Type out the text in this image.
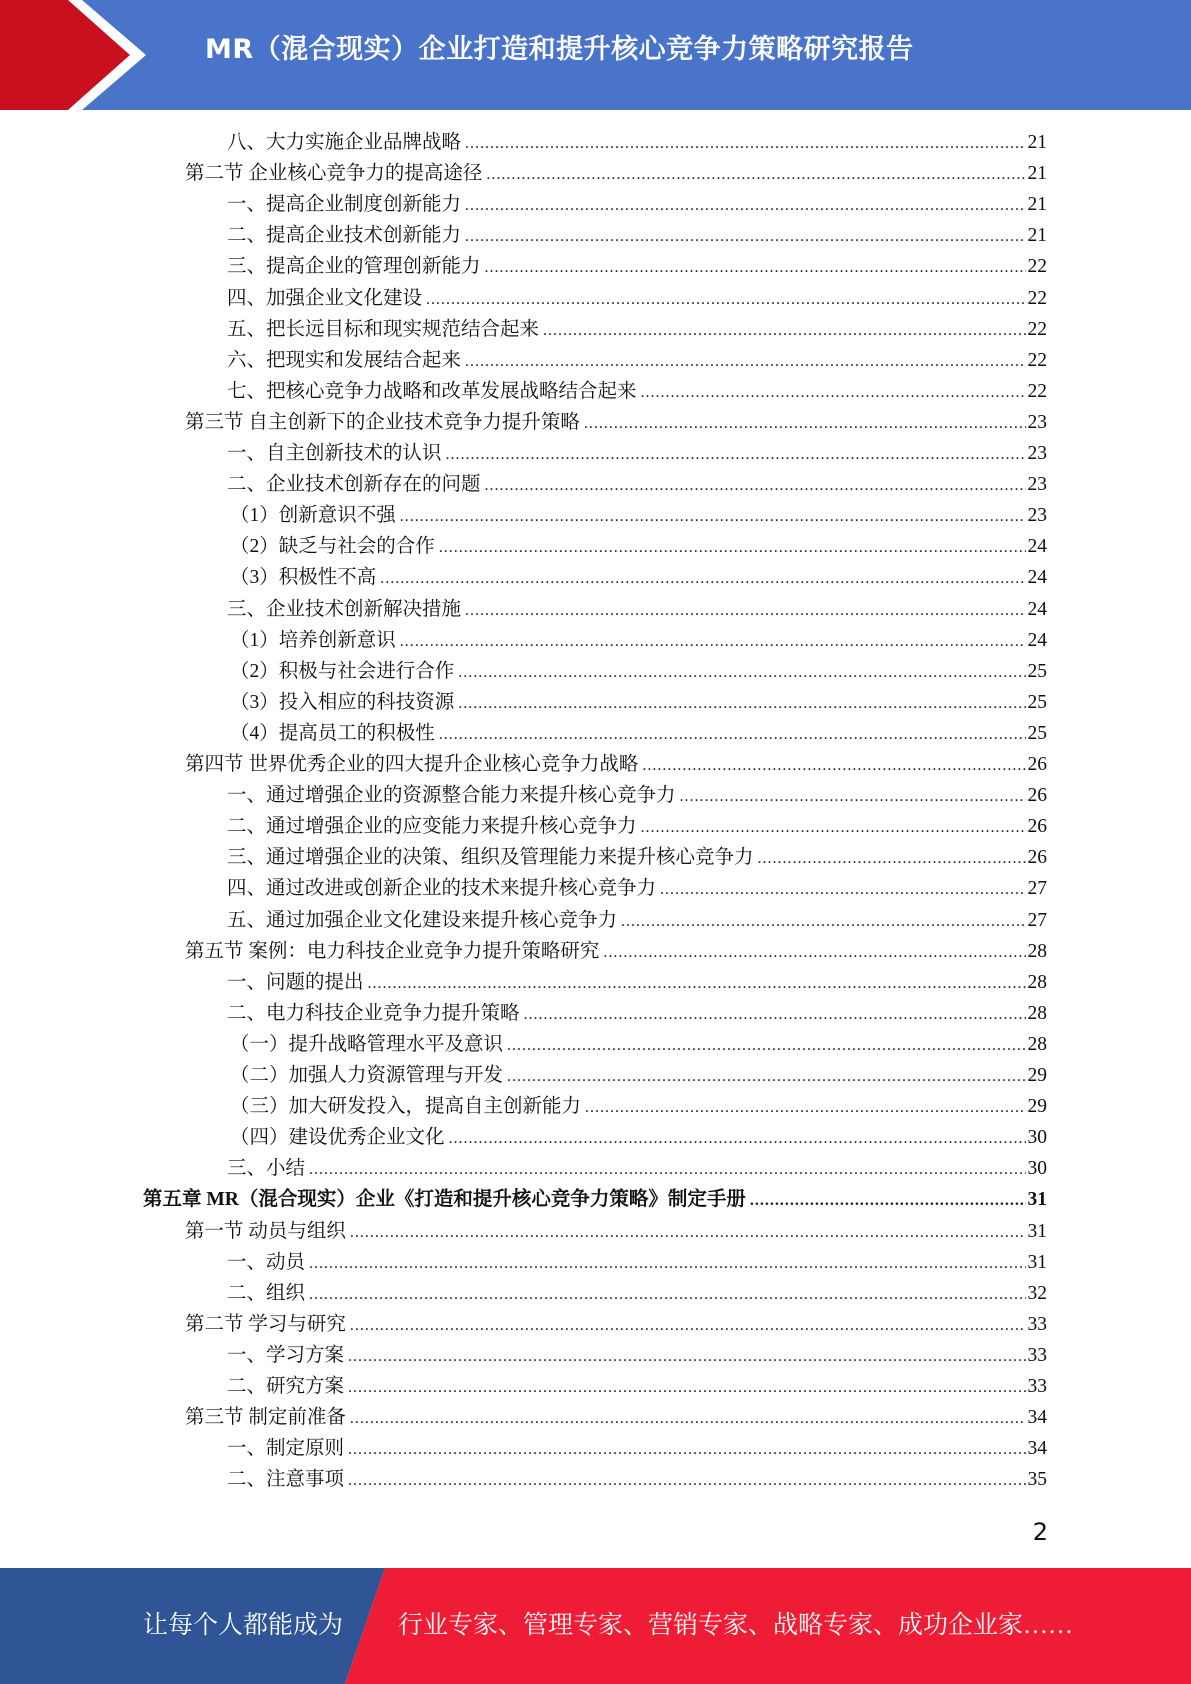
MR（混合现实）企业打造和提升核心竞争力策略研究报告
八、大力实施企业品牌战略 .....	21
第二节 企业核心竞争力的提高途径 .....	21
一、提高企业制度创新能力 .....	21
二、提高企业技术创新能力 .....	21
三、提高企业的管理创新能力 .....	22
四、加强企业文化建设 .....	22
五、把长远目标和现实规范结合起来 .....	22
六、把现实和发展结合起来 .....	22
七、把核心竞争力战略和改革发展战略结合起来 .....	22
第三节 自主创新下的企业技术竞争力提升策略 .....	23
一、自主创新技术的认识 .....	23
二、企业技术创新存在的问题 .....	23
（1）创新意识不强 .....	23
（2）缺乏与社会的合作 .....	24
（3）积极性不高 .....	24
三、企业技术创新解决措施 .....	24
（1）培养创新意识 .....	24
（2）积极与社会进行合作 .....	25
（3）投入相应的科技资源 .....	25
（4）提高员工的积极性 .....	25
第四节 世界优秀企业的四大提升企业核心竞争力战略 .....	26
一、通过增强企业的资源整合能力来提升核心竞争力 .....	26
二、通过增强企业的应变能力来提升核心竞争力 .....	26
三、通过增强企业的决策、组织及管理能力来提升核心竞争力 .....	26
四、通过改进或创新企业的技术来提升核心竞争力 .....	27
五、通过加强企业文化建设来提升核心竞争力 .....	27
第五节 案例：电力科技企业竞争力提升策略研究 .....	28
一、问题的提出 .....	28
二、电力科技企业竞争力提升策略 .....	28
（一）提升战略管理水平及意识 .....	28
（二）加强人力资源管理与开发 .....	29
（三）加大研发投入，提高自主创新能力 .....	29
（四）建设优秀企业文化 .....	30
三、小结 .....	30
第五章 MR（混合现实）企业《打造和提升核心竞争力策略》制定手册 .....	31
第一节 动员与组织 .....	31
一、动员 .....	31
二、组织 .....	32
第二节 学习与研究 .....	33
一、学习方案 .....	33
二、研究方案 .....	33
第三节 制定前准备 .....	34
一、制定原则 .....	34
二、注意事项 .....	35
2
让每个人都能成为 行业专家、管理专家、营销专家、战略专家、成功企业家……
